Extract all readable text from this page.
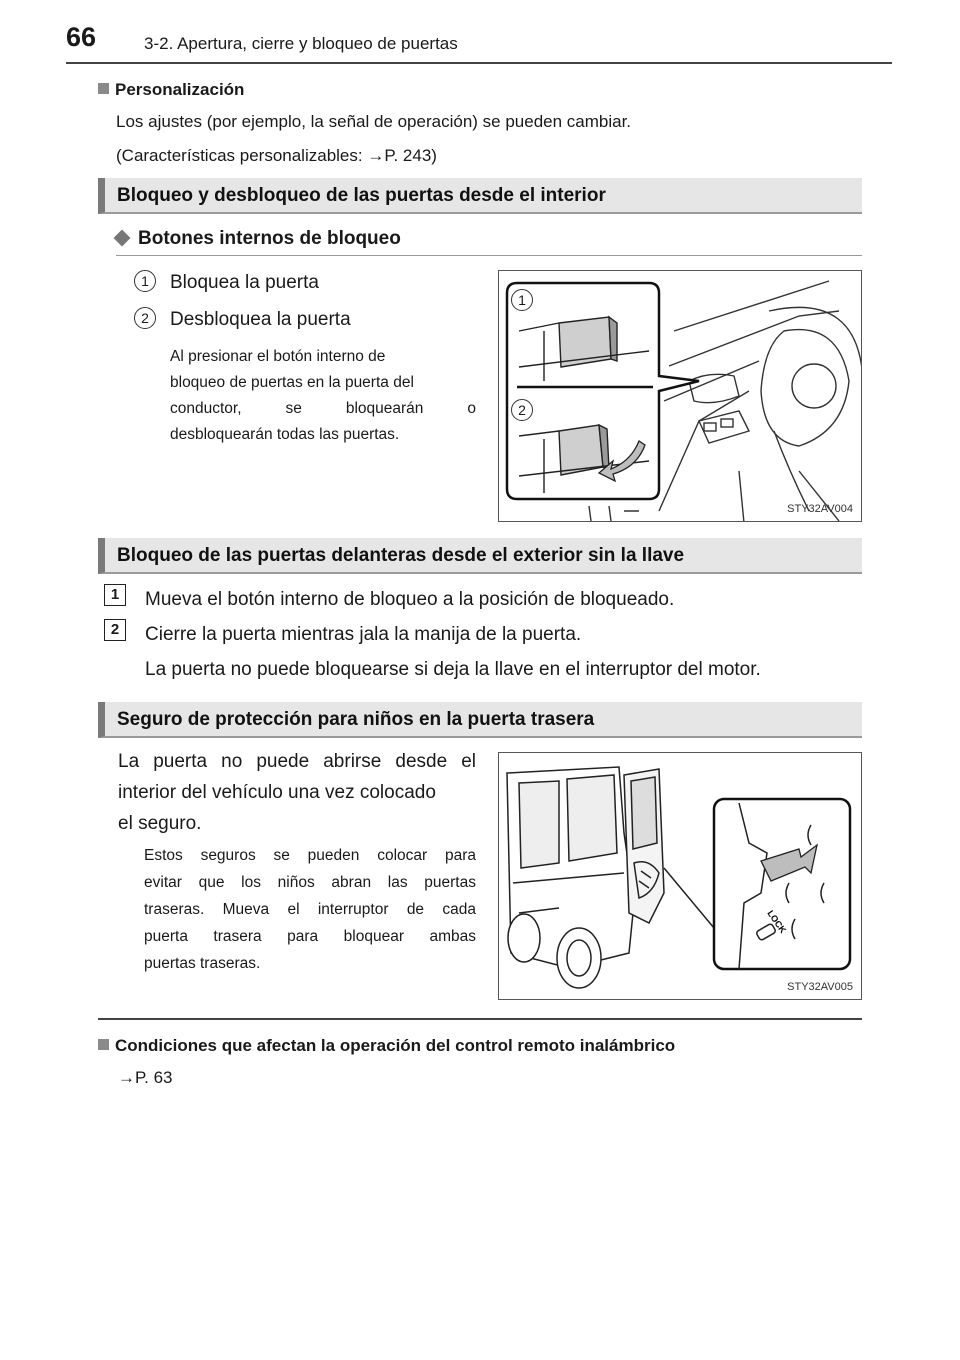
66	3-2. Apertura, cierre y bloqueo de puertas
Personalización
Los ajustes (por ejemplo, la señal de operación) se pueden cambiar.
(Características personalizables: →P. 243)
Bloqueo y desbloqueo de las puertas desde el interior
Botones internos de bloqueo
1	Bloquea la puerta
2	Desbloquea la puerta
Al presionar el botón interno de
bloqueo de puertas en la puerta del
conductor, se bloquearán o
desbloquearán todas las puertas.
1
2
STY32AV004
Bloqueo de las puertas delanteras desde el exterior sin la llave
1	Mueva el botón interno de bloqueo a la posición de bloqueado.
2	Cierre la puerta mientras jala la manija de la puerta.
La puerta no puede bloquearse si deja la llave en el interruptor del motor.
Seguro de protección para niños en la puerta trasera
La puerta no puede abrirse desde el
interior del vehículo una vez colocado
el seguro.
Estos seguros se pueden colocar para
evitar que los niños abran las puertas
traseras. Mueva el interruptor de cada
puerta trasera para bloquear ambas
puertas traseras.
LOCK
STY32AV005
Condiciones que afectan la operación del control remoto inalámbrico
→P. 63
